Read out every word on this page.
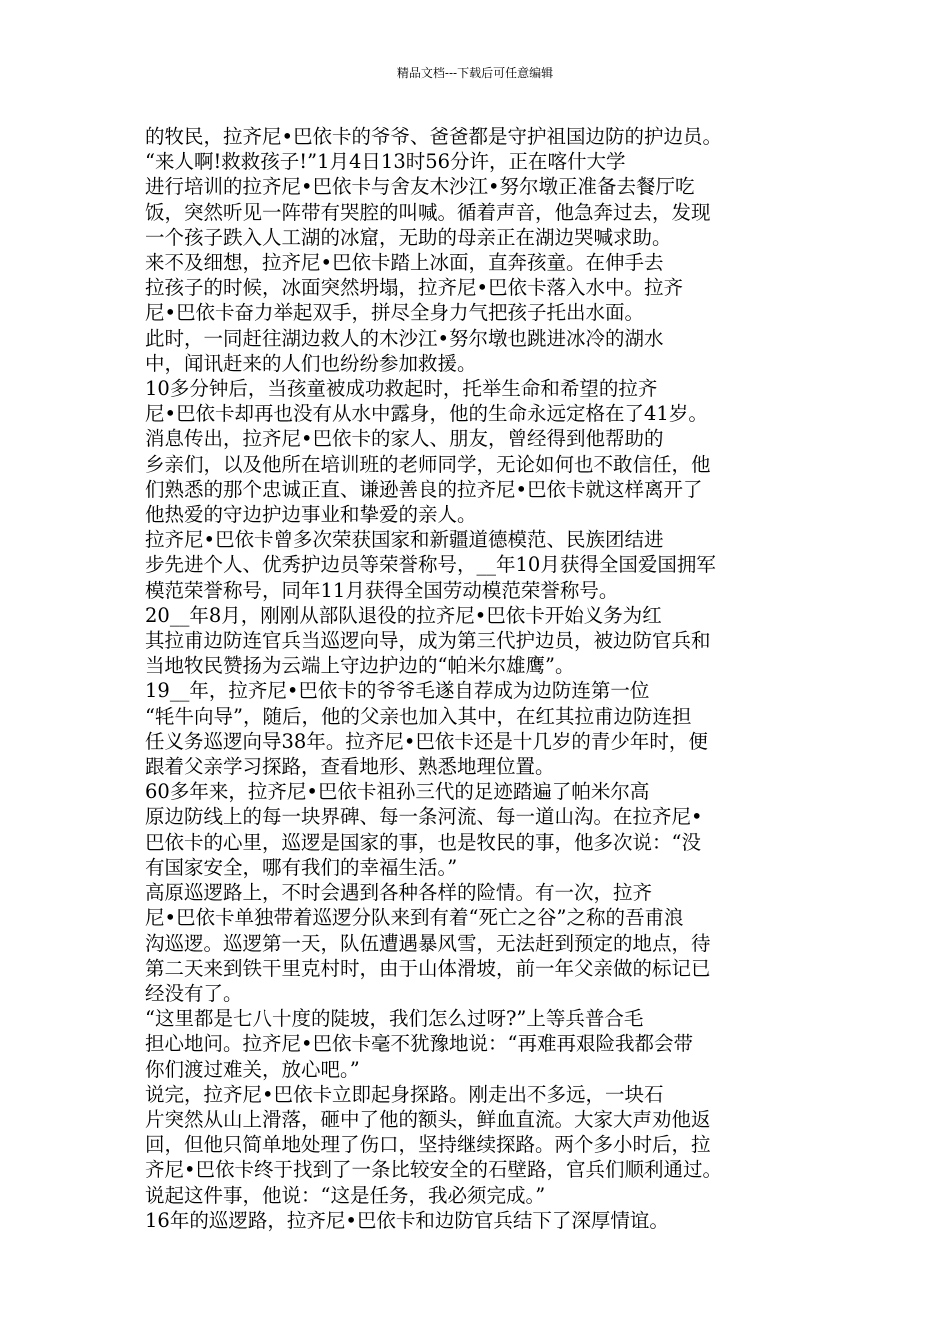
精品文档---下载后可任意编辑

的牧民，拉齐尼•巴依卡的爷爷、爸爸都是守护祖国边防的护边员。

“来人啊!救救孩子!”1月4日13时56分许，正在喀什大学
进行培训的拉齐尼•巴依卡与舍友木沙江•努尔墩正准备去餐厅吃
饭，突然听见一阵带有哭腔的叫喊。循着声音，他急奔过去，发现
一个孩子跌入人工湖的冰窟，无助的母亲正在湖边哭喊求助。

来不及细想，拉齐尼•巴依卡踏上冰面，直奔孩童。在伸手去
拉孩子的时候，冰面突然坍塌，拉齐尼•巴依卡落入水中。拉齐
尼•巴依卡奋力举起双手，拼尽全身力气把孩子托出水面。

此时，一同赶往湖边救人的木沙江•努尔墩也跳进冰冷的湖水
中，闻讯赶来的人们也纷纷参加救援。

10多分钟后，当孩童被成功救起时，托举生命和希望的拉齐
尼•巴依卡却再也没有从水中露身，他的生命永远定格在了41岁。

消息传出，拉齐尼•巴依卡的家人、朋友，曾经得到他帮助的
乡亲们，以及他所在培训班的老师同学，无论如何也不敢信任，他
们熟悉的那个忠诚正直、谦逊善良的拉齐尼•巴依卡就这样离开了
他热爱的守边护边事业和挚爱的亲人。

拉齐尼•巴依卡曾多次荣获国家和新疆道德模范、民族团结进
步先进个人、优秀护边员等荣誉称号，__年10月获得全国爱国拥军
模范荣誉称号，同年11月获得全国劳动模范荣誉称号。

20__年8月，刚刚从部队退役的拉齐尼•巴依卡开始义务为红
其拉甫边防连官兵当巡逻向导，成为第三代护边员，被边防官兵和
当地牧民赞扬为云端上守边护边的“帕米尔雄鹰”。

19__年，拉齐尼•巴依卡的爷爷毛遂自荐成为边防连第一位
“牦牛向导”，随后，他的父亲也加入其中，在红其拉甫边防连担
任义务巡逻向导38年。拉齐尼•巴依卡还是十几岁的青少年时，便
跟着父亲学习探路，查看地形、熟悉地理位置。

60多年来，拉齐尼•巴依卡祖孙三代的足迹踏遍了帕米尔高
原边防线上的每一块界碑、每一条河流、每一道山沟。在拉齐尼•
巴依卡的心里，巡逻是国家的事，也是牧民的事，他多次说：“没
有国家安全，哪有我们的幸福生活。”

高原巡逻路上，不时会遇到各种各样的险情。有一次，拉齐
尼•巴依卡单独带着巡逻分队来到有着“死亡之谷”之称的吾甫浪
沟巡逻。巡逻第一天，队伍遭遇暴风雪，无法赶到预定的地点，待
第二天来到铁干里克村时，由于山体滑坡，前一年父亲做的标记已
经没有了。

“这里都是七八十度的陡坡，我们怎么过呀?”上等兵普合毛
担心地问。拉齐尼•巴依卡毫不犹豫地说：“再难再艰险我都会带
你们渡过难关，放心吧。”

说完，拉齐尼•巴依卡立即起身探路。刚走出不多远，一块石
片突然从山上滑落，砸中了他的额头，鲜血直流。大家大声劝他返
回，但他只简单地处理了伤口，坚持继续探路。两个多小时后，拉
齐尼•巴依卡终于找到了一条比较安全的石壁路，官兵们顺利通过。

说起这件事，他说：“这是任务，我必须完成。”

16年的巡逻路，拉齐尼•巴依卡和边防官兵结下了深厚情谊。
